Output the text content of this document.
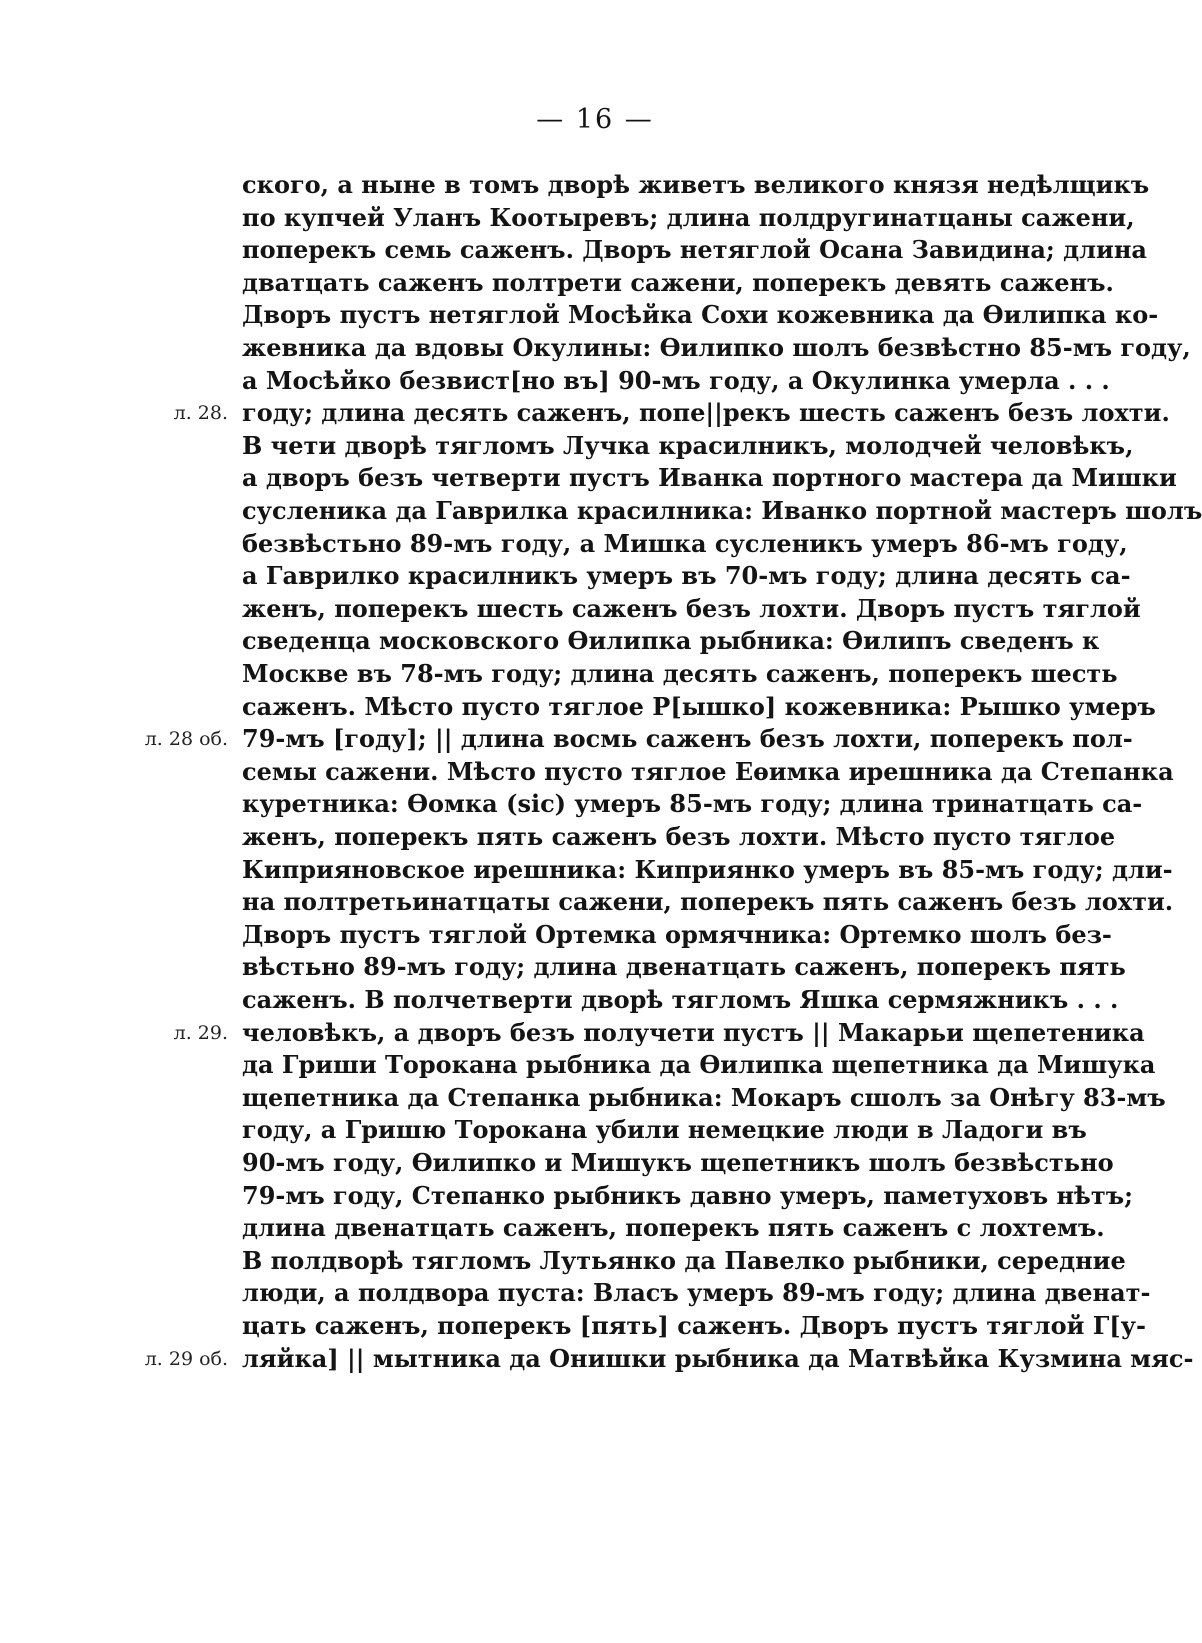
— 16 —
л. 28.
л. 28 об.
л. 29.
л. 29 об.
ского, а ныне в томъ дворѣ живетъ великого князя недѣлщикъ
по купчей Уланъ Коотыревъ; длина полдругинатцаны сажени,
поперекъ семь саженъ. Дворъ нетяглой Осана Завидина; длина
дватцать саженъ полтрети сажени, поперекъ девять саженъ.
Дворъ пустъ нетяглой Мосѣйка Сохи кожевника да Ѳилипка ко-
жевника да вдовы Окулины: Ѳилипко шолъ безвѣстно 85-мъ году,
а Мосѣйко безвист[но въ] 90-мъ году, а Окулинка умерла . . .
году; длина десять саженъ, попе||рекъ шесть саженъ безъ лохти.
В чети дворѣ тягломъ Лучка красилникъ, молодчей человѣкъ,
а дворъ безъ четверти пустъ Иванка портного мастера да Мишки
сусленика да Гаврилка красилника: Иванко портной мастеръ шолъ
безвѣстьно 89-мъ году, а Мишка сусленикъ умеръ 86-мъ году,
а Гаврилко красилникъ умеръ въ 70-мъ году; длина десять са-
женъ, поперекъ шесть саженъ безъ лохти. Дворъ пустъ тяглой
сведенца московского Ѳилипка рыбника: Ѳилипъ сведенъ к
Москве въ 78-мъ году; длина десять саженъ, поперекъ шесть
саженъ. Мѣсто пусто тяглое Р[ышко] кожевника: Рышко умеръ
79-мъ [году]; || длина восмь саженъ безъ лохти, поперекъ пол-
семы сажени. Мѣсто пусто тяглое Еѳимка ирешника да Степанка
куретника: Ѳомка (sic) умеръ 85-мъ году; длина тринатцать са-
женъ, поперекъ пять саженъ безъ лохти. Мѣсто пусто тяглое
Киприяновское ирешника: Киприянко умеръ въ 85-мъ году; дли-
на полтретьинатцаты сажени, поперекъ пять саженъ безъ лохти.
Дворъ пустъ тяглой Ортемка ормячника: Ортемко шолъ без-
вѣстьно 89-мъ году; длина двенатцать саженъ, поперекъ пять
саженъ. В полчетверти дворѣ тягломъ Яшка сермяжникъ . . .
человѣкъ, а дворъ безъ получети пустъ || Макарьи щепетеника
да Гриши Торокана рыбника да Ѳилипка щепетника да Мишука
щепетника да Степанка рыбника: Мокаръ сшолъ за Онѣгу 83-мъ
году, а Гришю Торокана убили немецкие люди в Ладоги въ
90-мъ году, Ѳилипко и Мишукъ щепетникъ шолъ безвѣстьно
79-мъ году, Степанко рыбникъ давно умеръ, паметуховъ нѣтъ;
длина двенатцать саженъ, поперекъ пять саженъ с лохтемъ.
В полдворѣ тягломъ Лутьянко да Павелко рыбники, середние
люди, а полдвора пуста: Власъ умеръ 89-мъ году; длина двенат-
цать саженъ, поперекъ [пять] саженъ. Дворъ пустъ тяглой Г[у-
ляйка] || мытника да Онишки рыбника да Матвѣйка Кузмина мяс-
